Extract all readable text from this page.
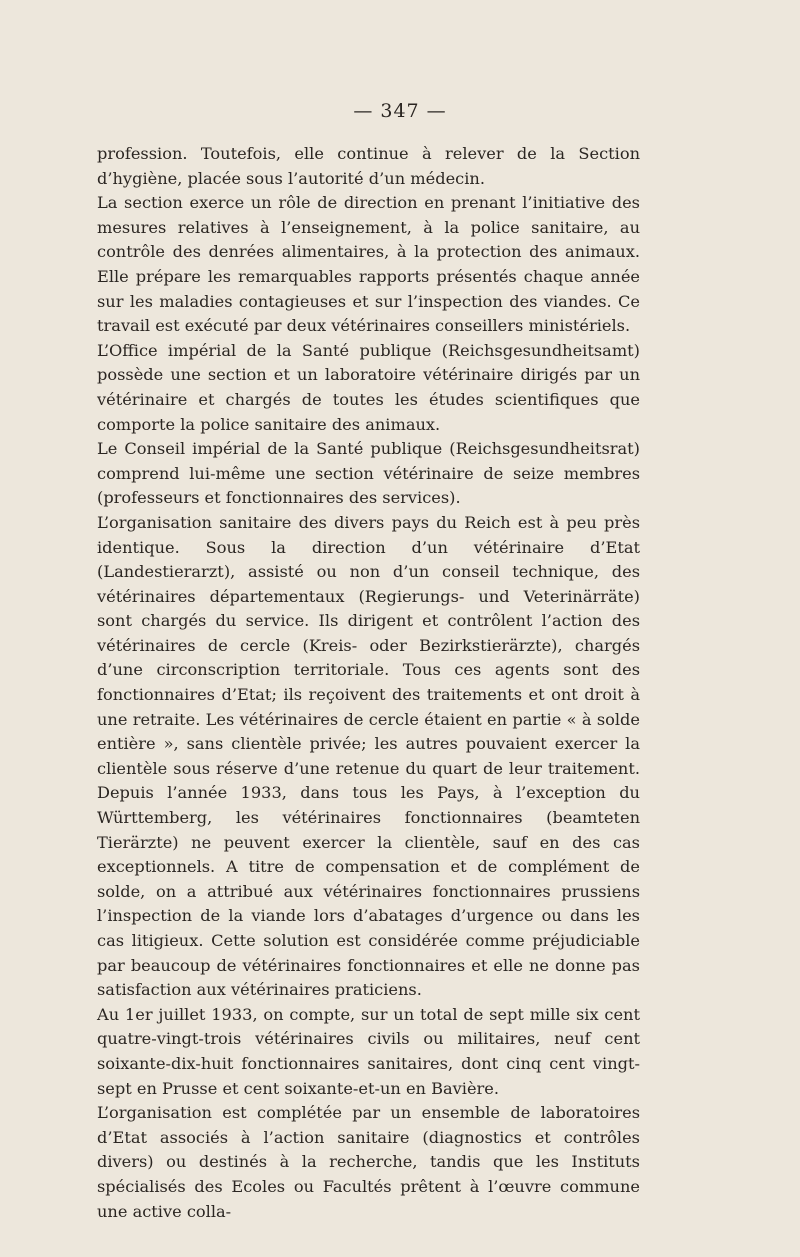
— 347 —

profession. Toutefois, elle continue à relever de la Section d’hygiène, placée sous l’autorité d’un médecin.

La section exerce un rôle de direction en prenant l’initiative des mesures relatives à l’enseignement, à la police sanitaire, au contrôle des denrées alimentaires, à la protection des animaux. Elle prépare les remarquables rapports présentés chaque année sur les maladies contagieuses et sur l’inspection des viandes. Ce travail est exécuté par deux vétérinaires conseillers ministériels.

L’Office impérial de la Santé publique (Reichsgesundheitsamt) possède une section et un laboratoire vétérinaire dirigés par un vétérinaire et chargés de toutes les études scientifiques que comporte la police sanitaire des animaux.

Le Conseil impérial de la Santé publique (Reichsgesundheitsrat) comprend lui-même une section vétérinaire de seize membres (professeurs et fonctionnaires des services).

L’organisation sanitaire des divers pays du Reich est à peu près identique. Sous la direction d’un vétérinaire d’Etat (Landestierarzt), assisté ou non d’un conseil technique, des vétérinaires départementaux (Regierungs- und Veterinärräte) sont chargés du service. Ils dirigent et contrôlent l’action des vétérinaires de cercle (Kreis- oder Bezirkstierärzte), chargés d’une circonscription territoriale. Tous ces agents sont des fonctionnaires d’Etat; ils reçoivent des traitements et ont droit à une retraite. Les vétérinaires de cercle étaient en partie « à solde entière », sans clientèle privée; les autres pouvaient exercer la clientèle sous réserve d’une retenue du quart de leur traitement. Depuis l’année 1933, dans tous les Pays, à l’exception du Württemberg, les vétérinaires fonctionnaires (beamteten Tierärzte) ne peuvent exercer la clientèle, sauf en des cas exceptionnels. A titre de compensation et de complément de solde, on a attribué aux vétérinaires fonctionnaires prussiens l’inspection de la viande lors d’abatages d’urgence ou dans les cas litigieux. Cette solution est considérée comme préjudiciable par beaucoup de vétérinaires fonctionnaires et elle ne donne pas satisfaction aux vétérinaires praticiens.

Au 1er juillet 1933, on compte, sur un total de sept mille six cent quatre-vingt-trois vétérinaires civils ou militaires, neuf cent soixante-dix-huit fonctionnaires sanitaires, dont cinq cent vingt-sept en Prusse et cent soixante-et-un en Bavière.

L’organisation est complétée par un ensemble de laboratoires d’Etat associés à l’action sanitaire (diagnostics et contrôles divers) ou destinés à la recherche, tandis que les Instituts spécialisés des Ecoles ou Facultés prêtent à l’œuvre commune une active colla-
